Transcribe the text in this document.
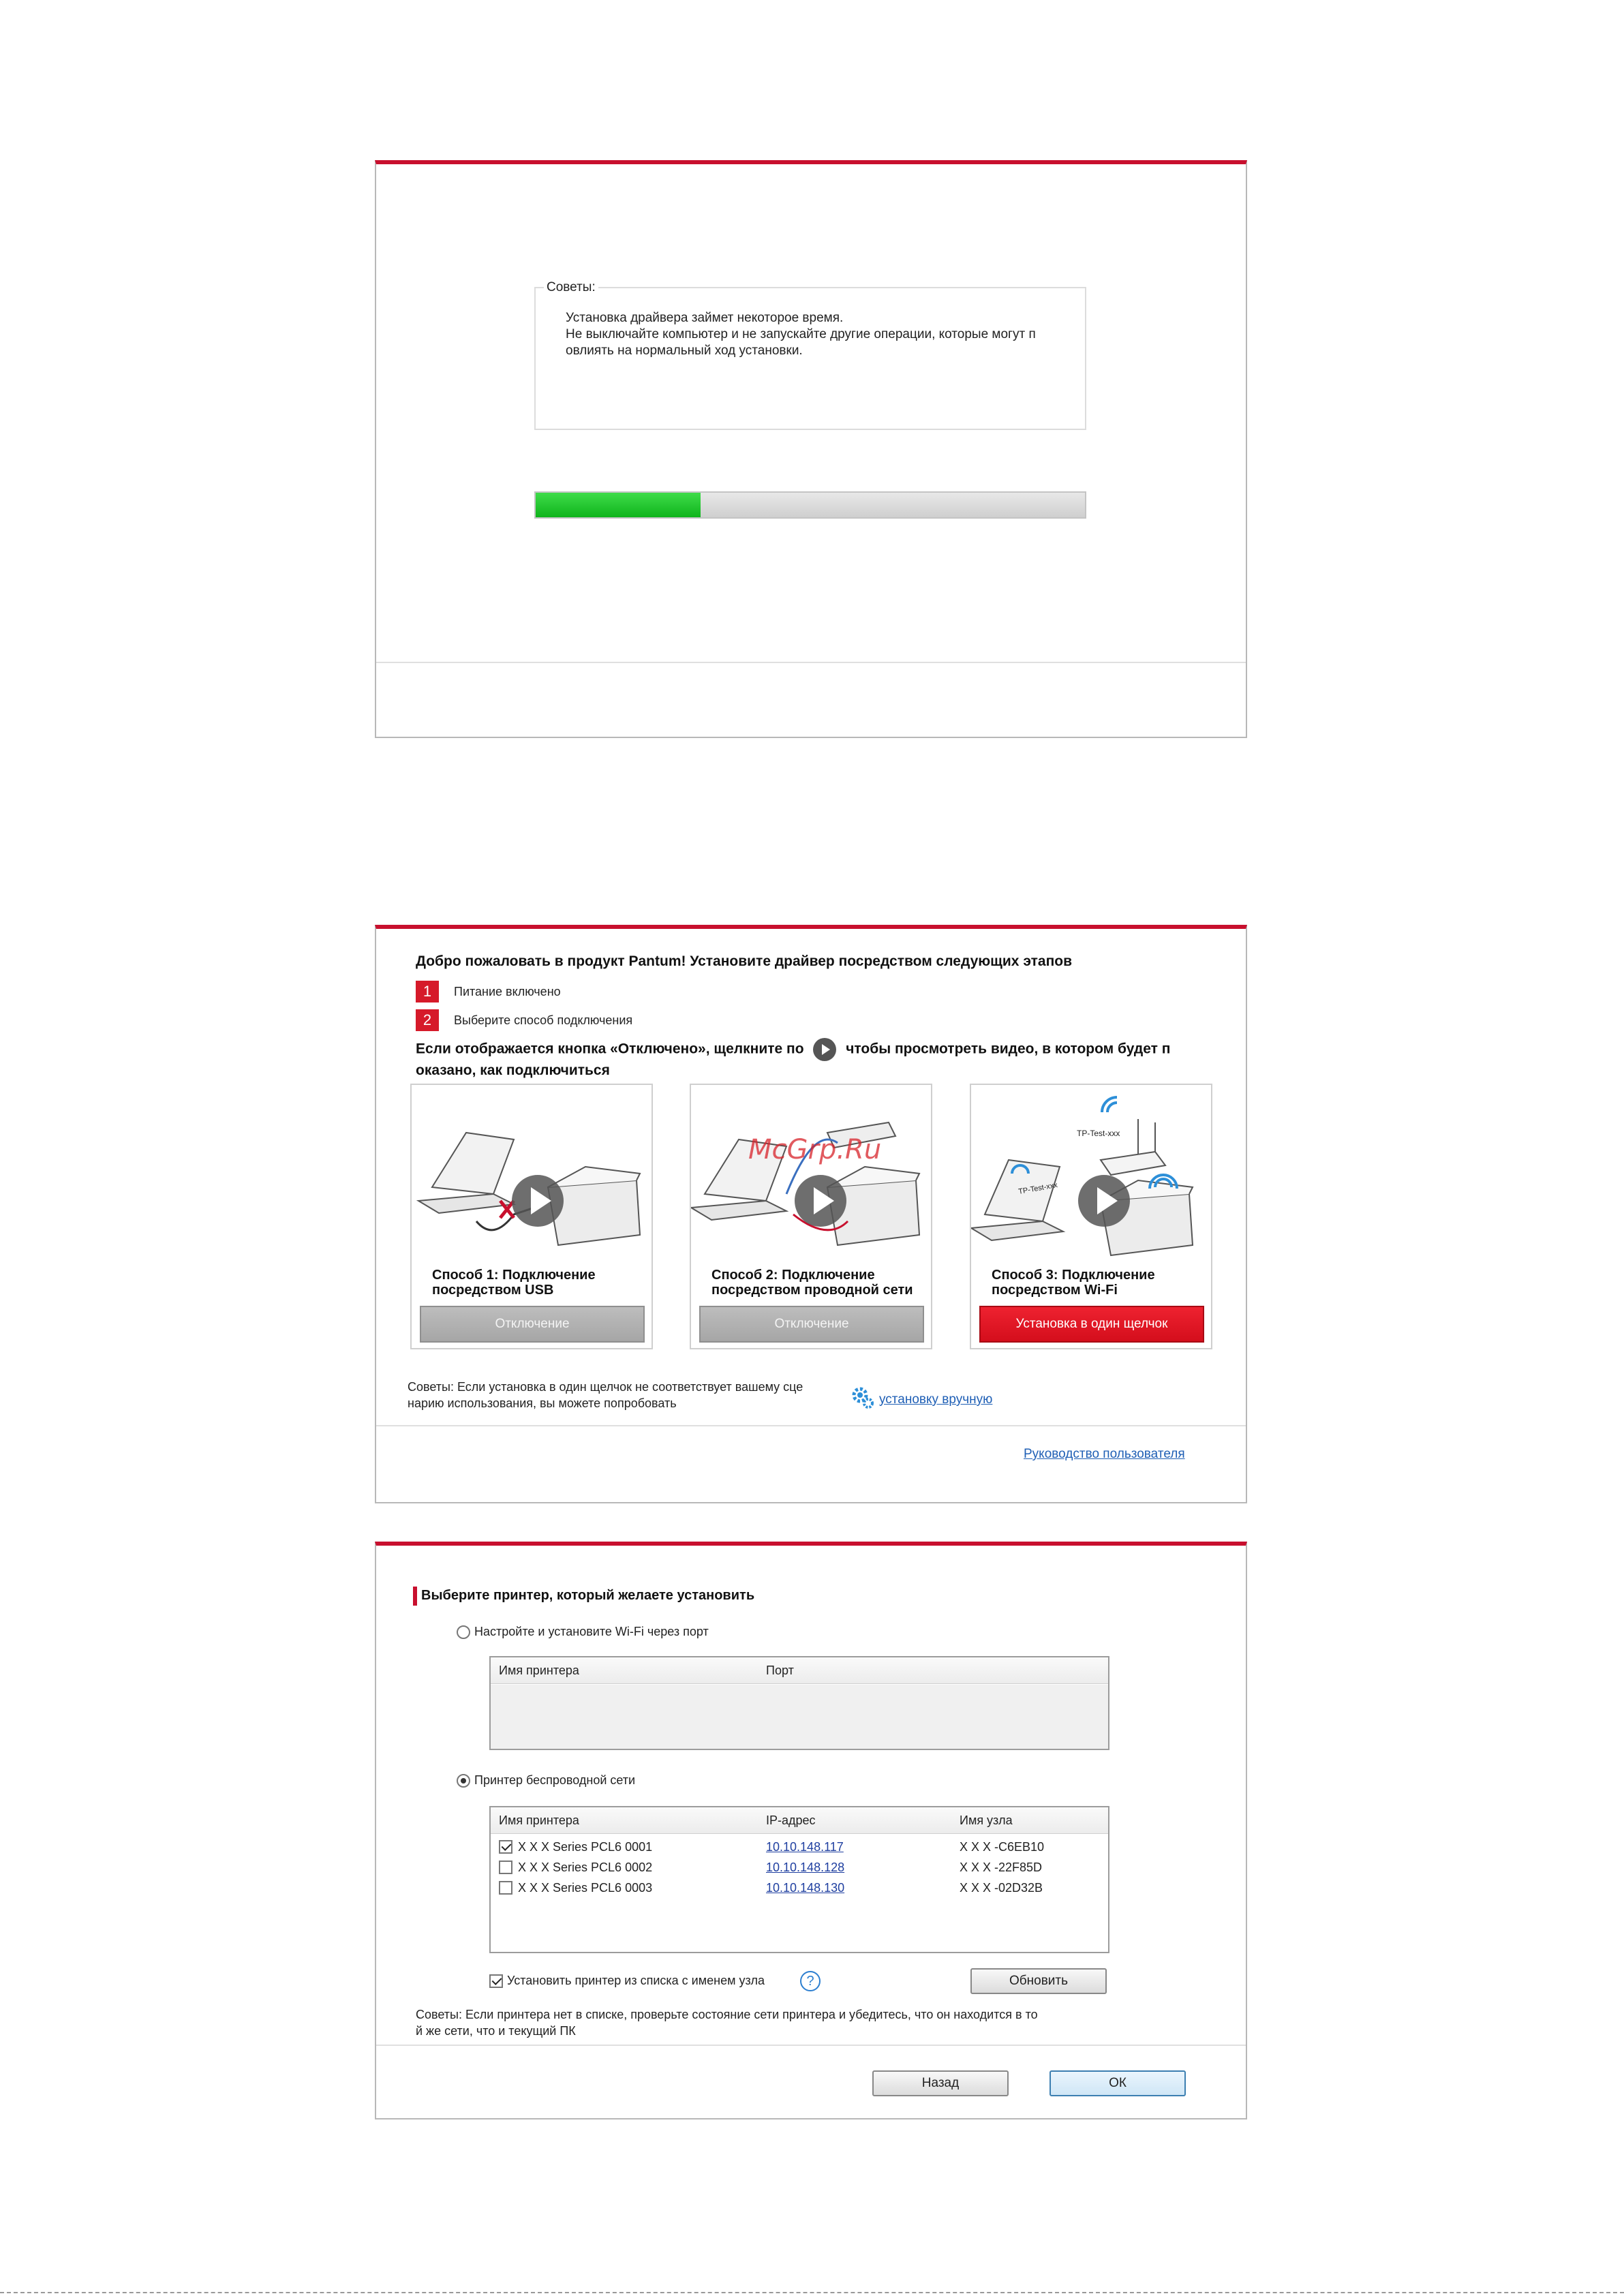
Советы:
Установка драйвера займет некоторое время.
Не выключайте компьютер и не запускайте другие операции, которые могут п
овлиять на нормальный ход установки.
Добро пожаловать в продукт Pantum! Установите драйвер посредством следующих этапов
1	Питание включено
2	Выберите способ подключения
Если отображается кнопка «Отключено», щелкните по	чтобы просмотреть видео, в котором будет п
оказано, как подключиться
Способ 1: Подключение посредством USB
Отключение
McGrp.Ru
Способ 2: Подключение посредством проводной сети
Отключение
TP-Test-xxx
TP-Test-xxx
Способ 3: Подключение посредством Wi-Fi
Установка в один щелчок
Советы: Если установка в один щелчок не соответствует вашему сце
нарию использования, вы можете попробовать	установку вручную
Руководство пользователя
Выберите принтер, который желаете установить
Настройте и установите Wi-Fi через порт
Имя принтера	Порт
Принтер беспроводной сети
Имя принтера	IP-адрес	Имя узла
X X X Series PCL6 0001	10.10.148.117	X X X -C6EB10
X X X Series PCL6 0002	10.10.148.128	X X X -22F85D
X X X Series PCL6 0003	10.10.148.130	X X X -02D32B
Установить принтер из списка с именем узла	?	Обновить
Советы: Если принтера нет в списке, проверьте состояние сети принтера и убедитесь, что он находится в то
й же сети, что и текущий ПК
Назад	ОК
